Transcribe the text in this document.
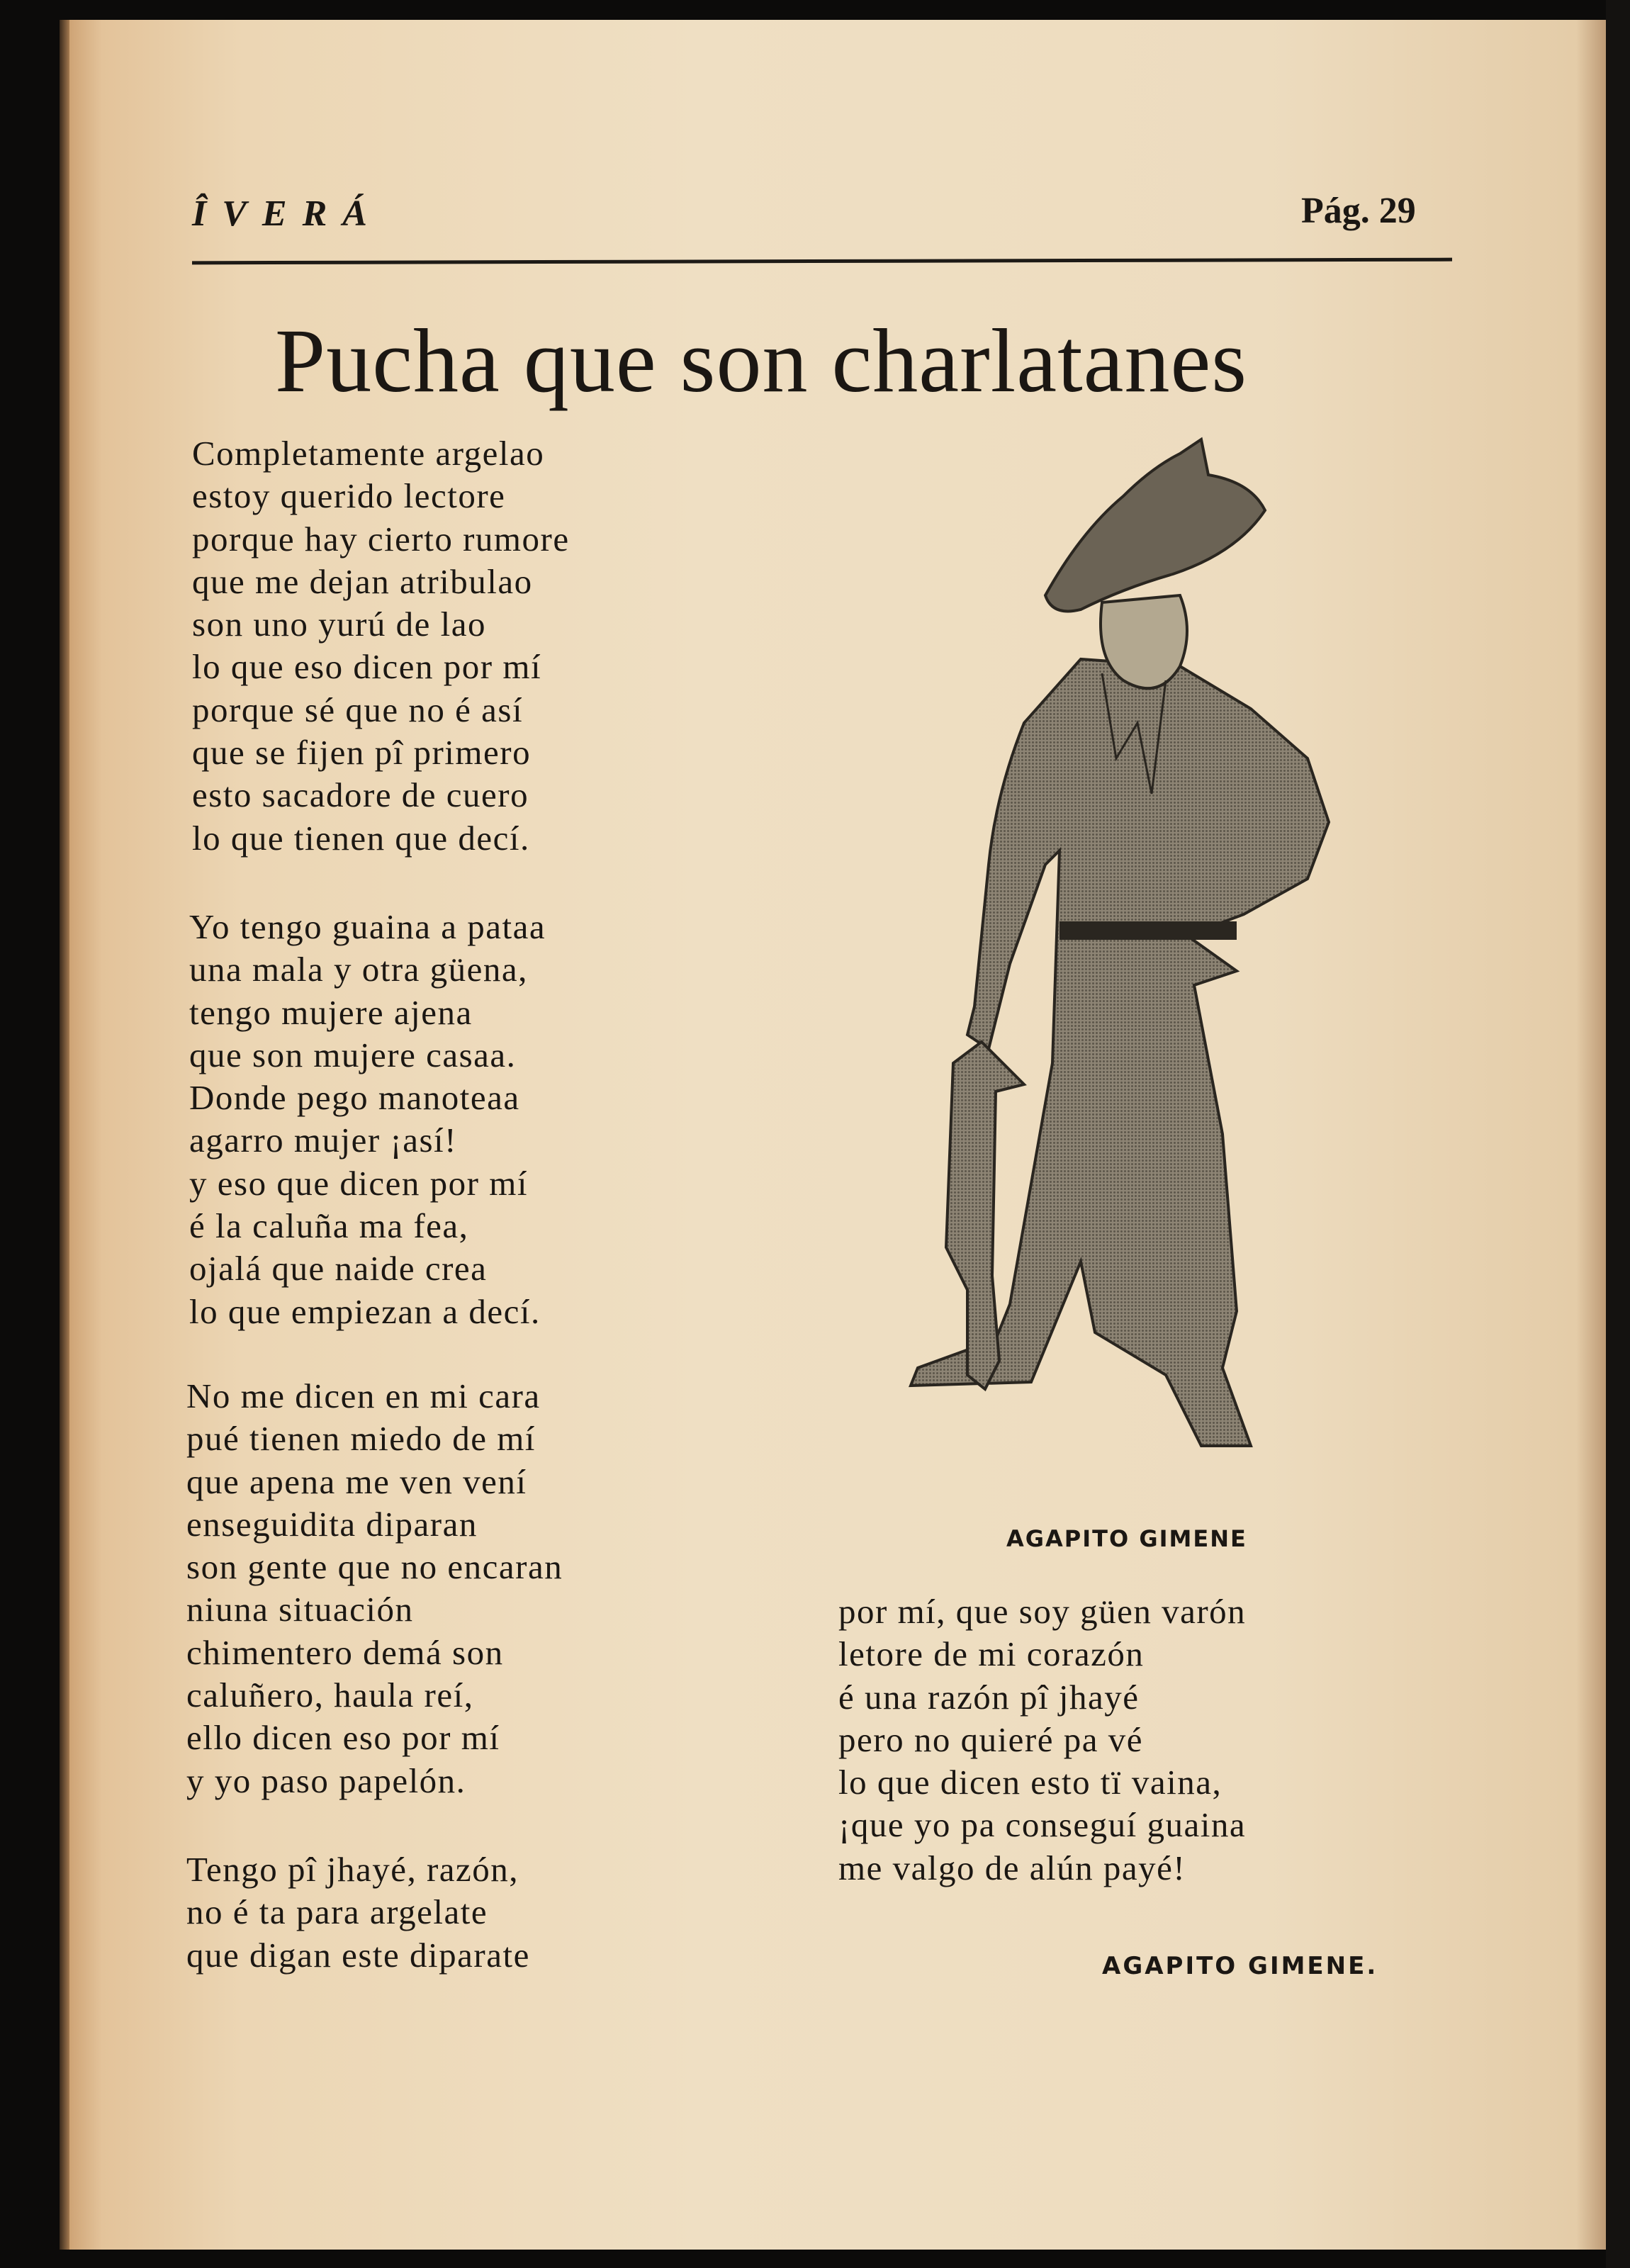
ÎVERÁ	Pág. 29
Pucha que son charlatanes
Completamente argelao
estoy querido lectore
porque hay cierto rumore
que me dejan atribulao
son uno yurú de lao
lo que eso dicen por mí
porque sé que no é así
que se fijen pî primero
esto sacadore de cuero
lo que tienen que decí.
Yo tengo guaina a pataa
una mala y otra güena,
tengo mujere ajena
que son mujere casaa.
Donde pego manoteaa
agarro mujer ¡así!
y eso que dicen por mí
é la caluña ma fea,
ojalá que naide crea
lo que empiezan a decí.
No me dicen en mi cara
pué tienen miedo de mí
que apena me ven vení
enseguidita diparan
son gente que no encaran
niuna situación
chimentero demá son
caluñero, haula reí,
ello dicen eso por mí
y yo paso papelón.
Tengo pî jhayé, razón,
no é ta para argelate
que digan este diparate
AGAPITO GIMENE
por mí, que soy güen varón
letore de mi corazón
é una razón pî jhayé
pero no quieré pa vé
lo que dicen esto tï vaina,
¡que yo pa conseguí guaina
me valgo de alún payé!
AGAPITO GIMENE.
